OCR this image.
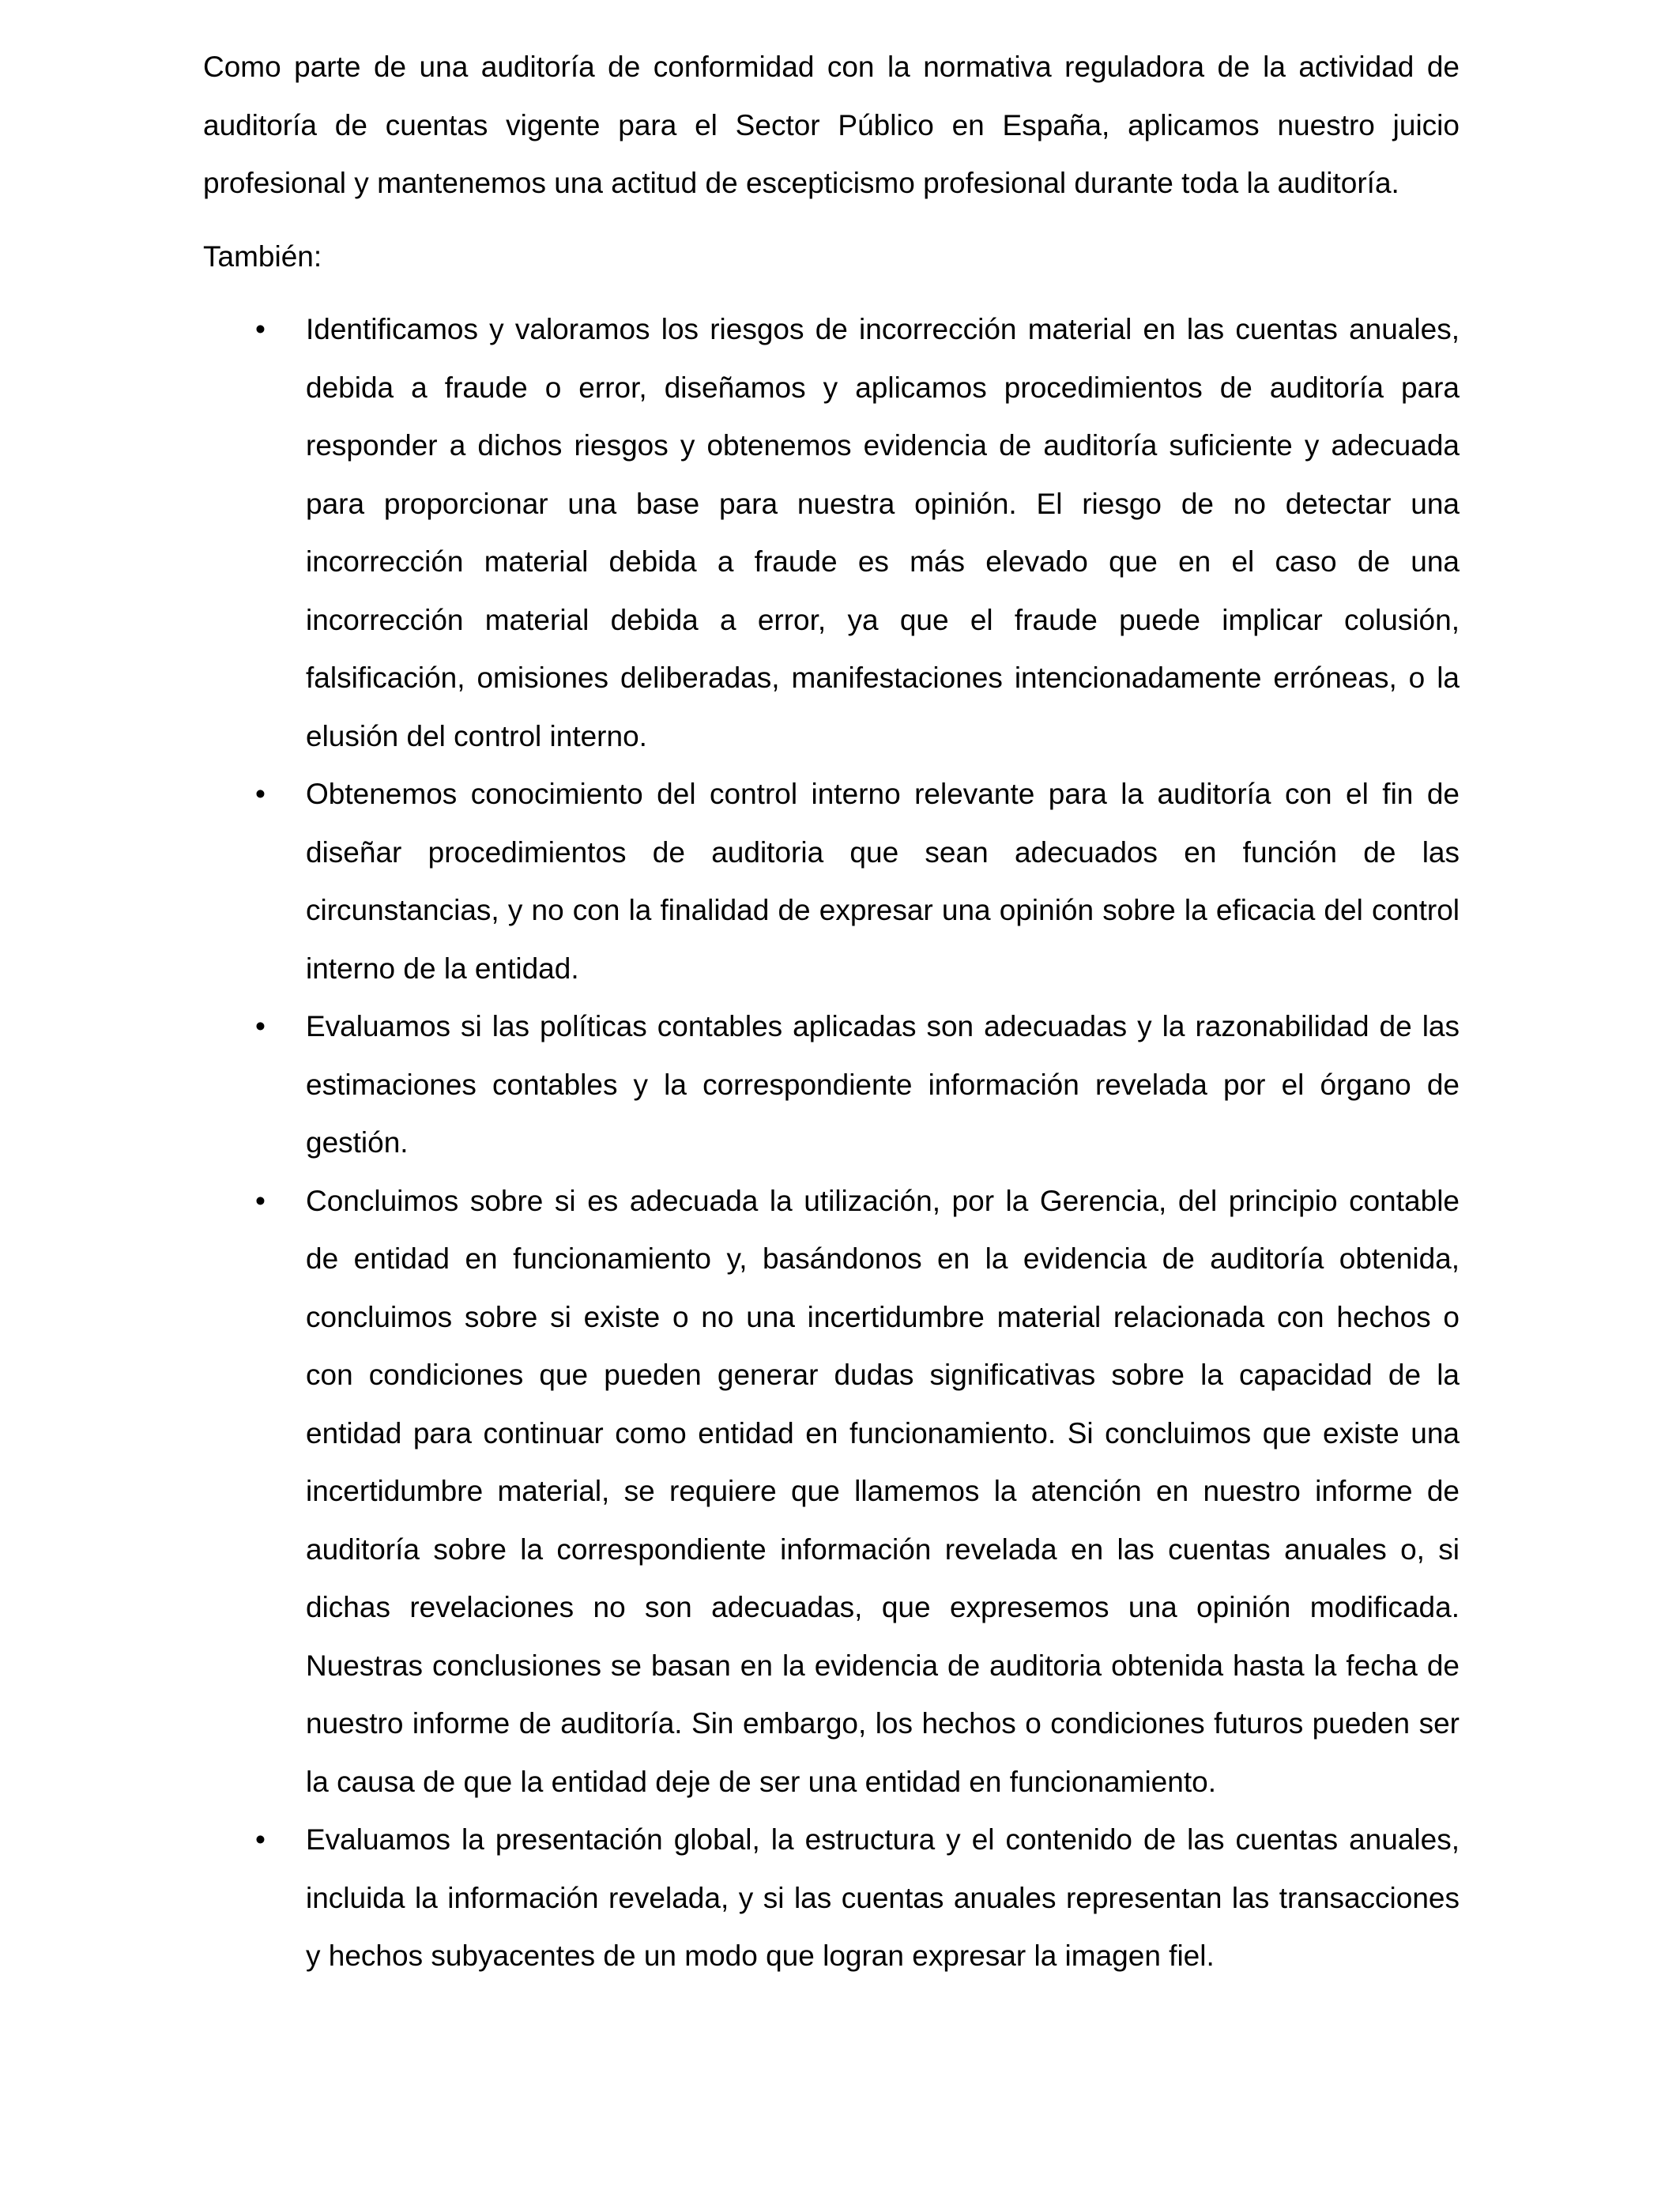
Como parte de una auditoría de conformidad con la normativa reguladora de la actividad de auditoría de cuentas vigente para el Sector Público en España, aplicamos nuestro juicio profesional y mantenemos una actitud de escepticismo profesional durante toda la auditoría.

También:

• Identificamos y valoramos los riesgos de incorrección material en las cuentas anuales, debida a fraude o error, diseñamos y aplicamos procedimientos de auditoría para responder a dichos riesgos y obtenemos evidencia de auditoría suficiente y adecuada para proporcionar una base para nuestra opinión. El riesgo de no detectar una incorrección material debida a fraude es más elevado que en el caso de una incorrección material debida a error, ya que el fraude puede implicar colusión, falsificación, omisiones deliberadas, manifestaciones intencionadamente erróneas, o la elusión del control interno.

• Obtenemos conocimiento del control interno relevante para la auditoría con el fin de diseñar procedimientos de auditoria que sean adecuados en función de las circunstancias, y no con la finalidad de expresar una opinión sobre la eficacia del control interno de la entidad.

• Evaluamos si las políticas contables aplicadas son adecuadas y la razonabilidad de las estimaciones contables y la correspondiente información revelada por el órgano de gestión.

• Concluimos sobre si es adecuada la utilización, por la Gerencia, del principio contable de entidad en funcionamiento y, basándonos en la evidencia de auditoría obtenida, concluimos sobre si existe o no una incertidumbre material relacionada con hechos o con condiciones que pueden generar dudas significativas sobre la capacidad de la entidad para continuar como entidad en funcionamiento. Si concluimos que existe una incertidumbre material, se requiere que llamemos la atención en nuestro informe de auditoría sobre la correspondiente información revelada en las cuentas anuales o, si dichas revelaciones no son adecuadas, que expresemos una opinión modificada. Nuestras conclusiones se basan en la evidencia de auditoria obtenida hasta la fecha de nuestro informe de auditoría. Sin embargo, los hechos o condiciones futuros pueden ser la causa de que la entidad deje de ser una entidad en funcionamiento.

• Evaluamos la presentación global, la estructura y el contenido de las cuentas anuales, incluida la información revelada, y si las cuentas anuales representan las transacciones y hechos subyacentes de un modo que logran expresar la imagen fiel.
